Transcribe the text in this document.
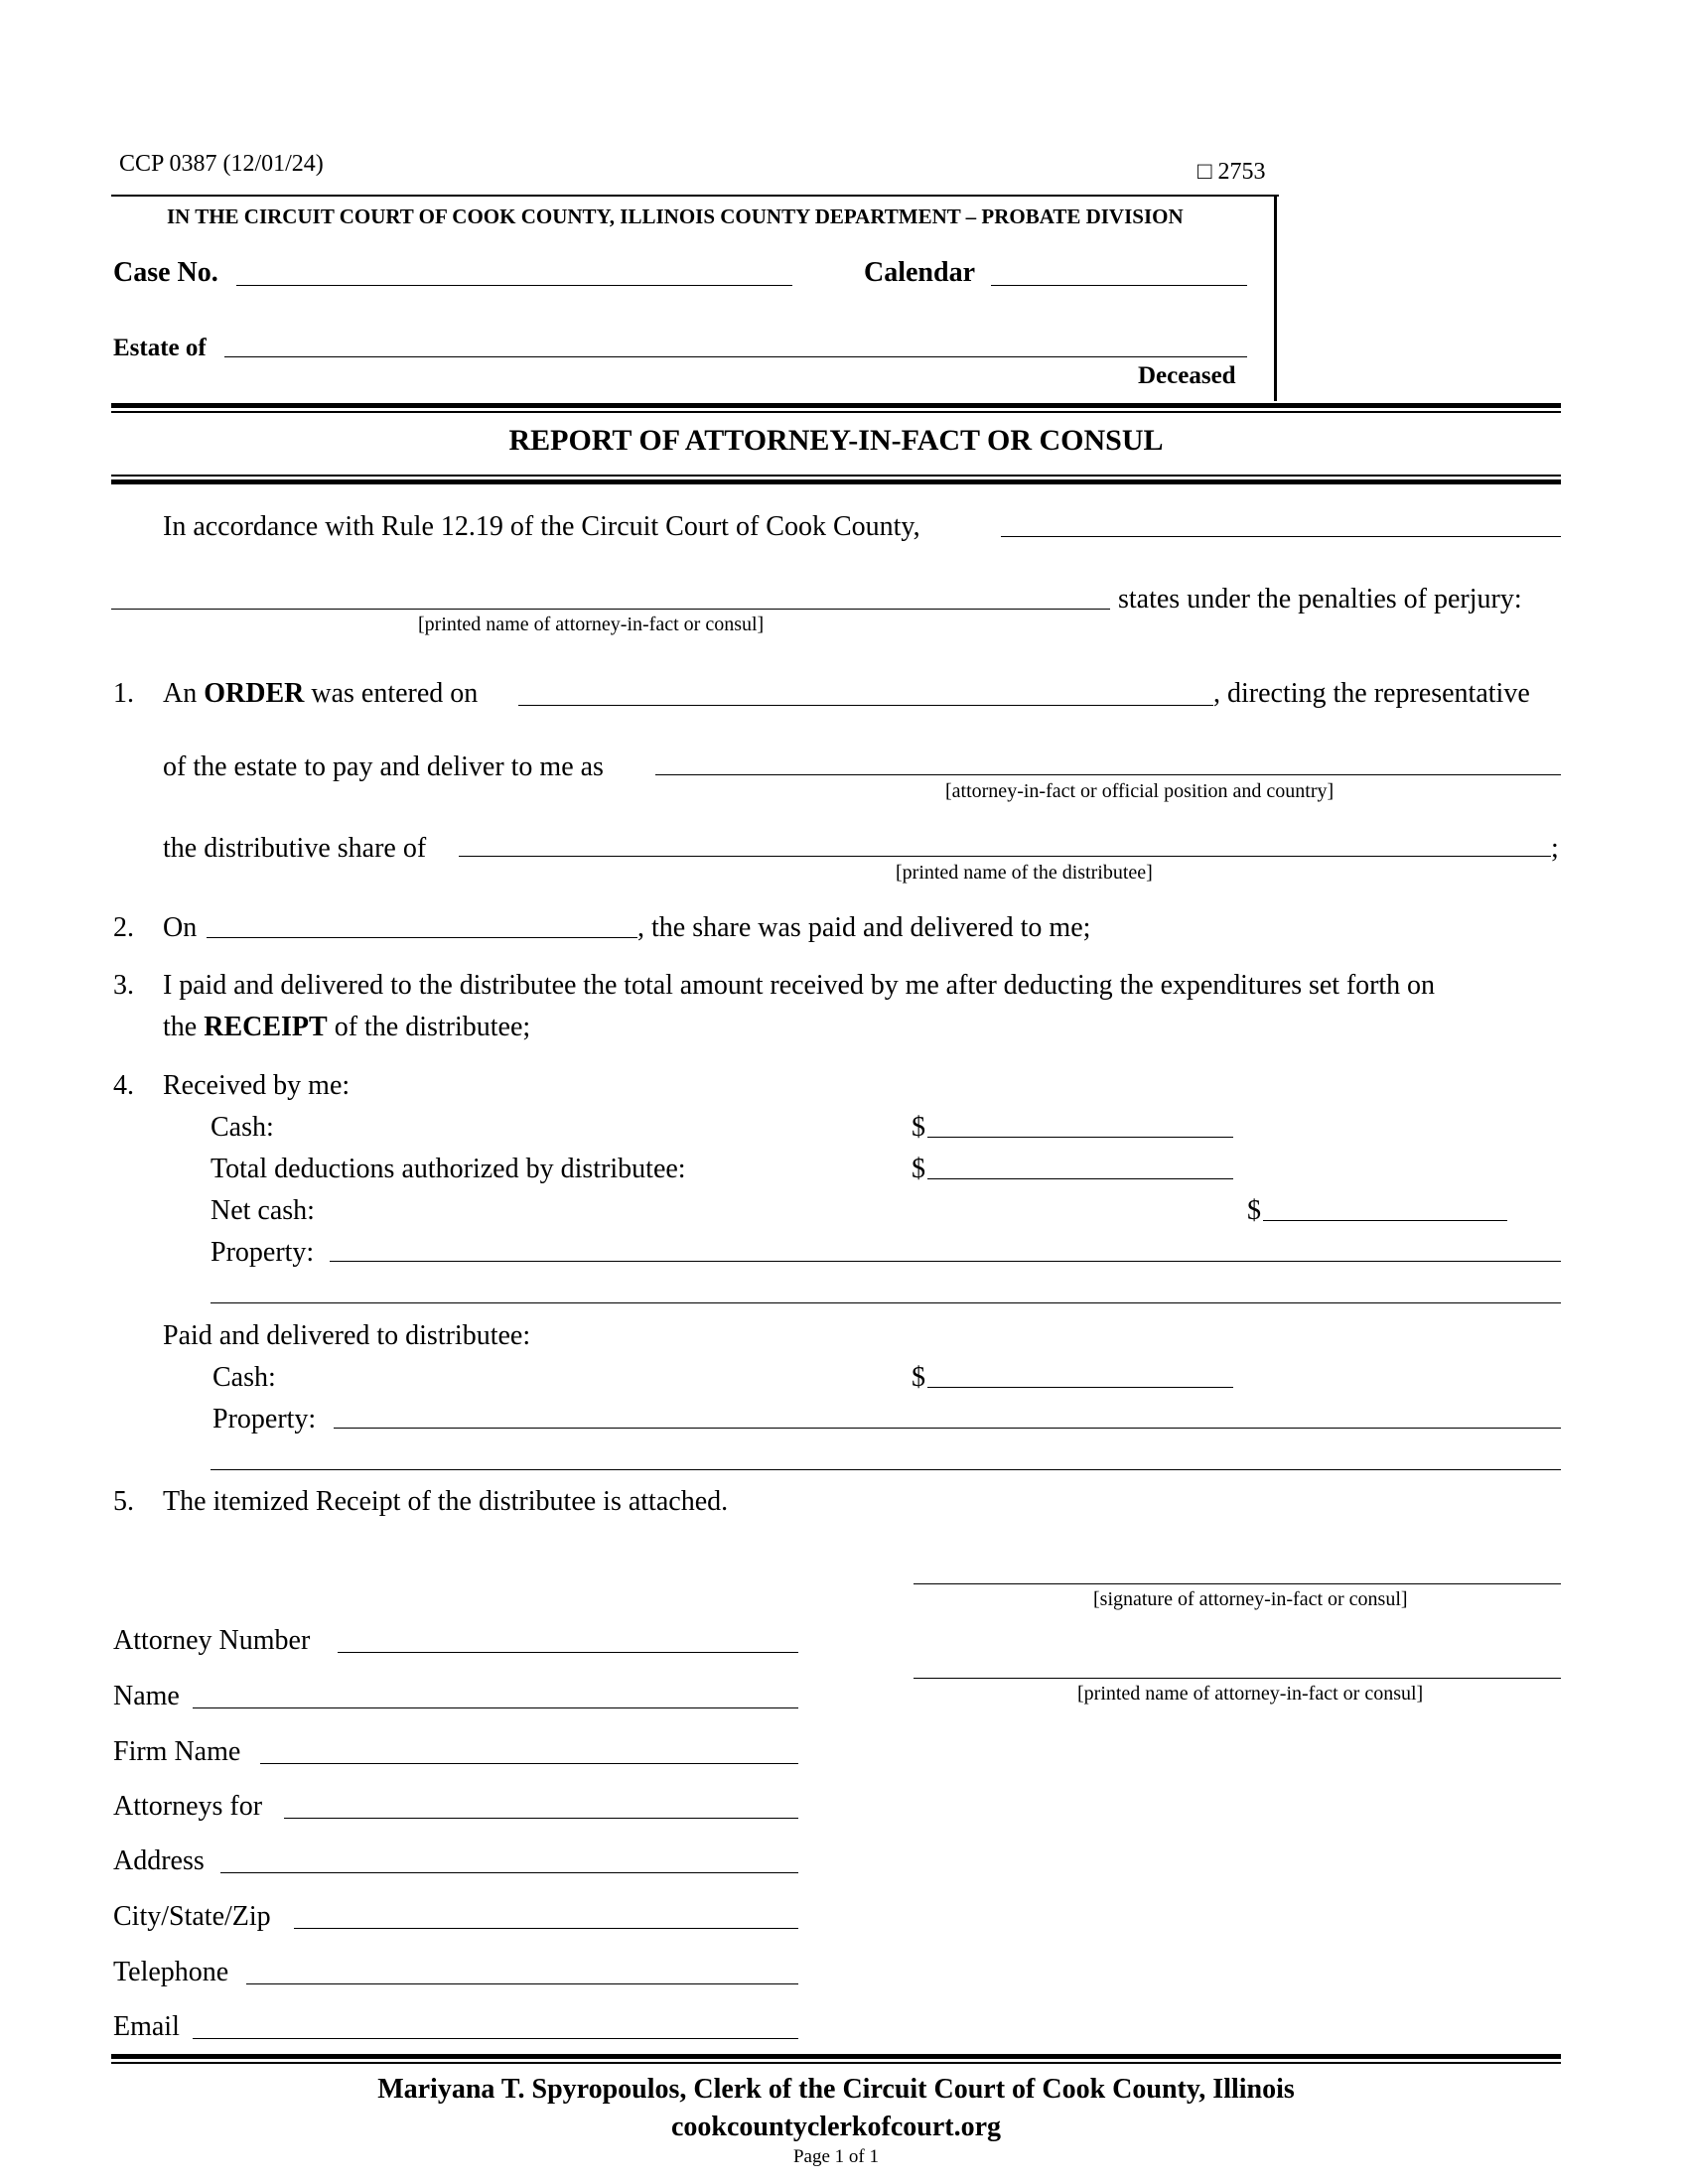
CCP 0387 (12/01/24)	□ 2753
IN THE CIRCUIT COURT OF COOK COUNTY, ILLINOIS COUNTY DEPARTMENT – PROBATE DIVISION
Case No.	Calendar
Estate of
Deceased
REPORT OF ATTORNEY-IN-FACT OR CONSUL
In accordance with Rule 12.19 of the Circuit Court of Cook County,
states under the penalties of perjury:
[printed name of attorney-in-fact or consul]
1. An ORDER was entered on	, directing the representative
of the estate to pay and deliver to me as
[attorney-in-fact or official position and country]
the distributive share of	;
[printed name of the distributee]
2. On	, the share was paid and delivered to me;
3. I paid and delivered to the distributee the total amount received by me after deducting the expenditures set forth on
the RECEIPT of the distributee;
4. Received by me:
Cash:	$
Total deductions authorized by distributee:	$
Net cash:	$
Property:
Paid and delivered to distributee:
Cash:	$
Property:
5. The itemized Receipt of the distributee is attached.
[signature of attorney-in-fact or consul]
[printed name of attorney-in-fact or consul]
Attorney Number
Name
Firm Name
Attorneys for
Address
City/State/Zip
Telephone
Email
Mariyana T. Spyropoulos, Clerk of the Circuit Court of Cook County, Illinois
cookcountyclerkofcourt.org
Page 1 of 1
